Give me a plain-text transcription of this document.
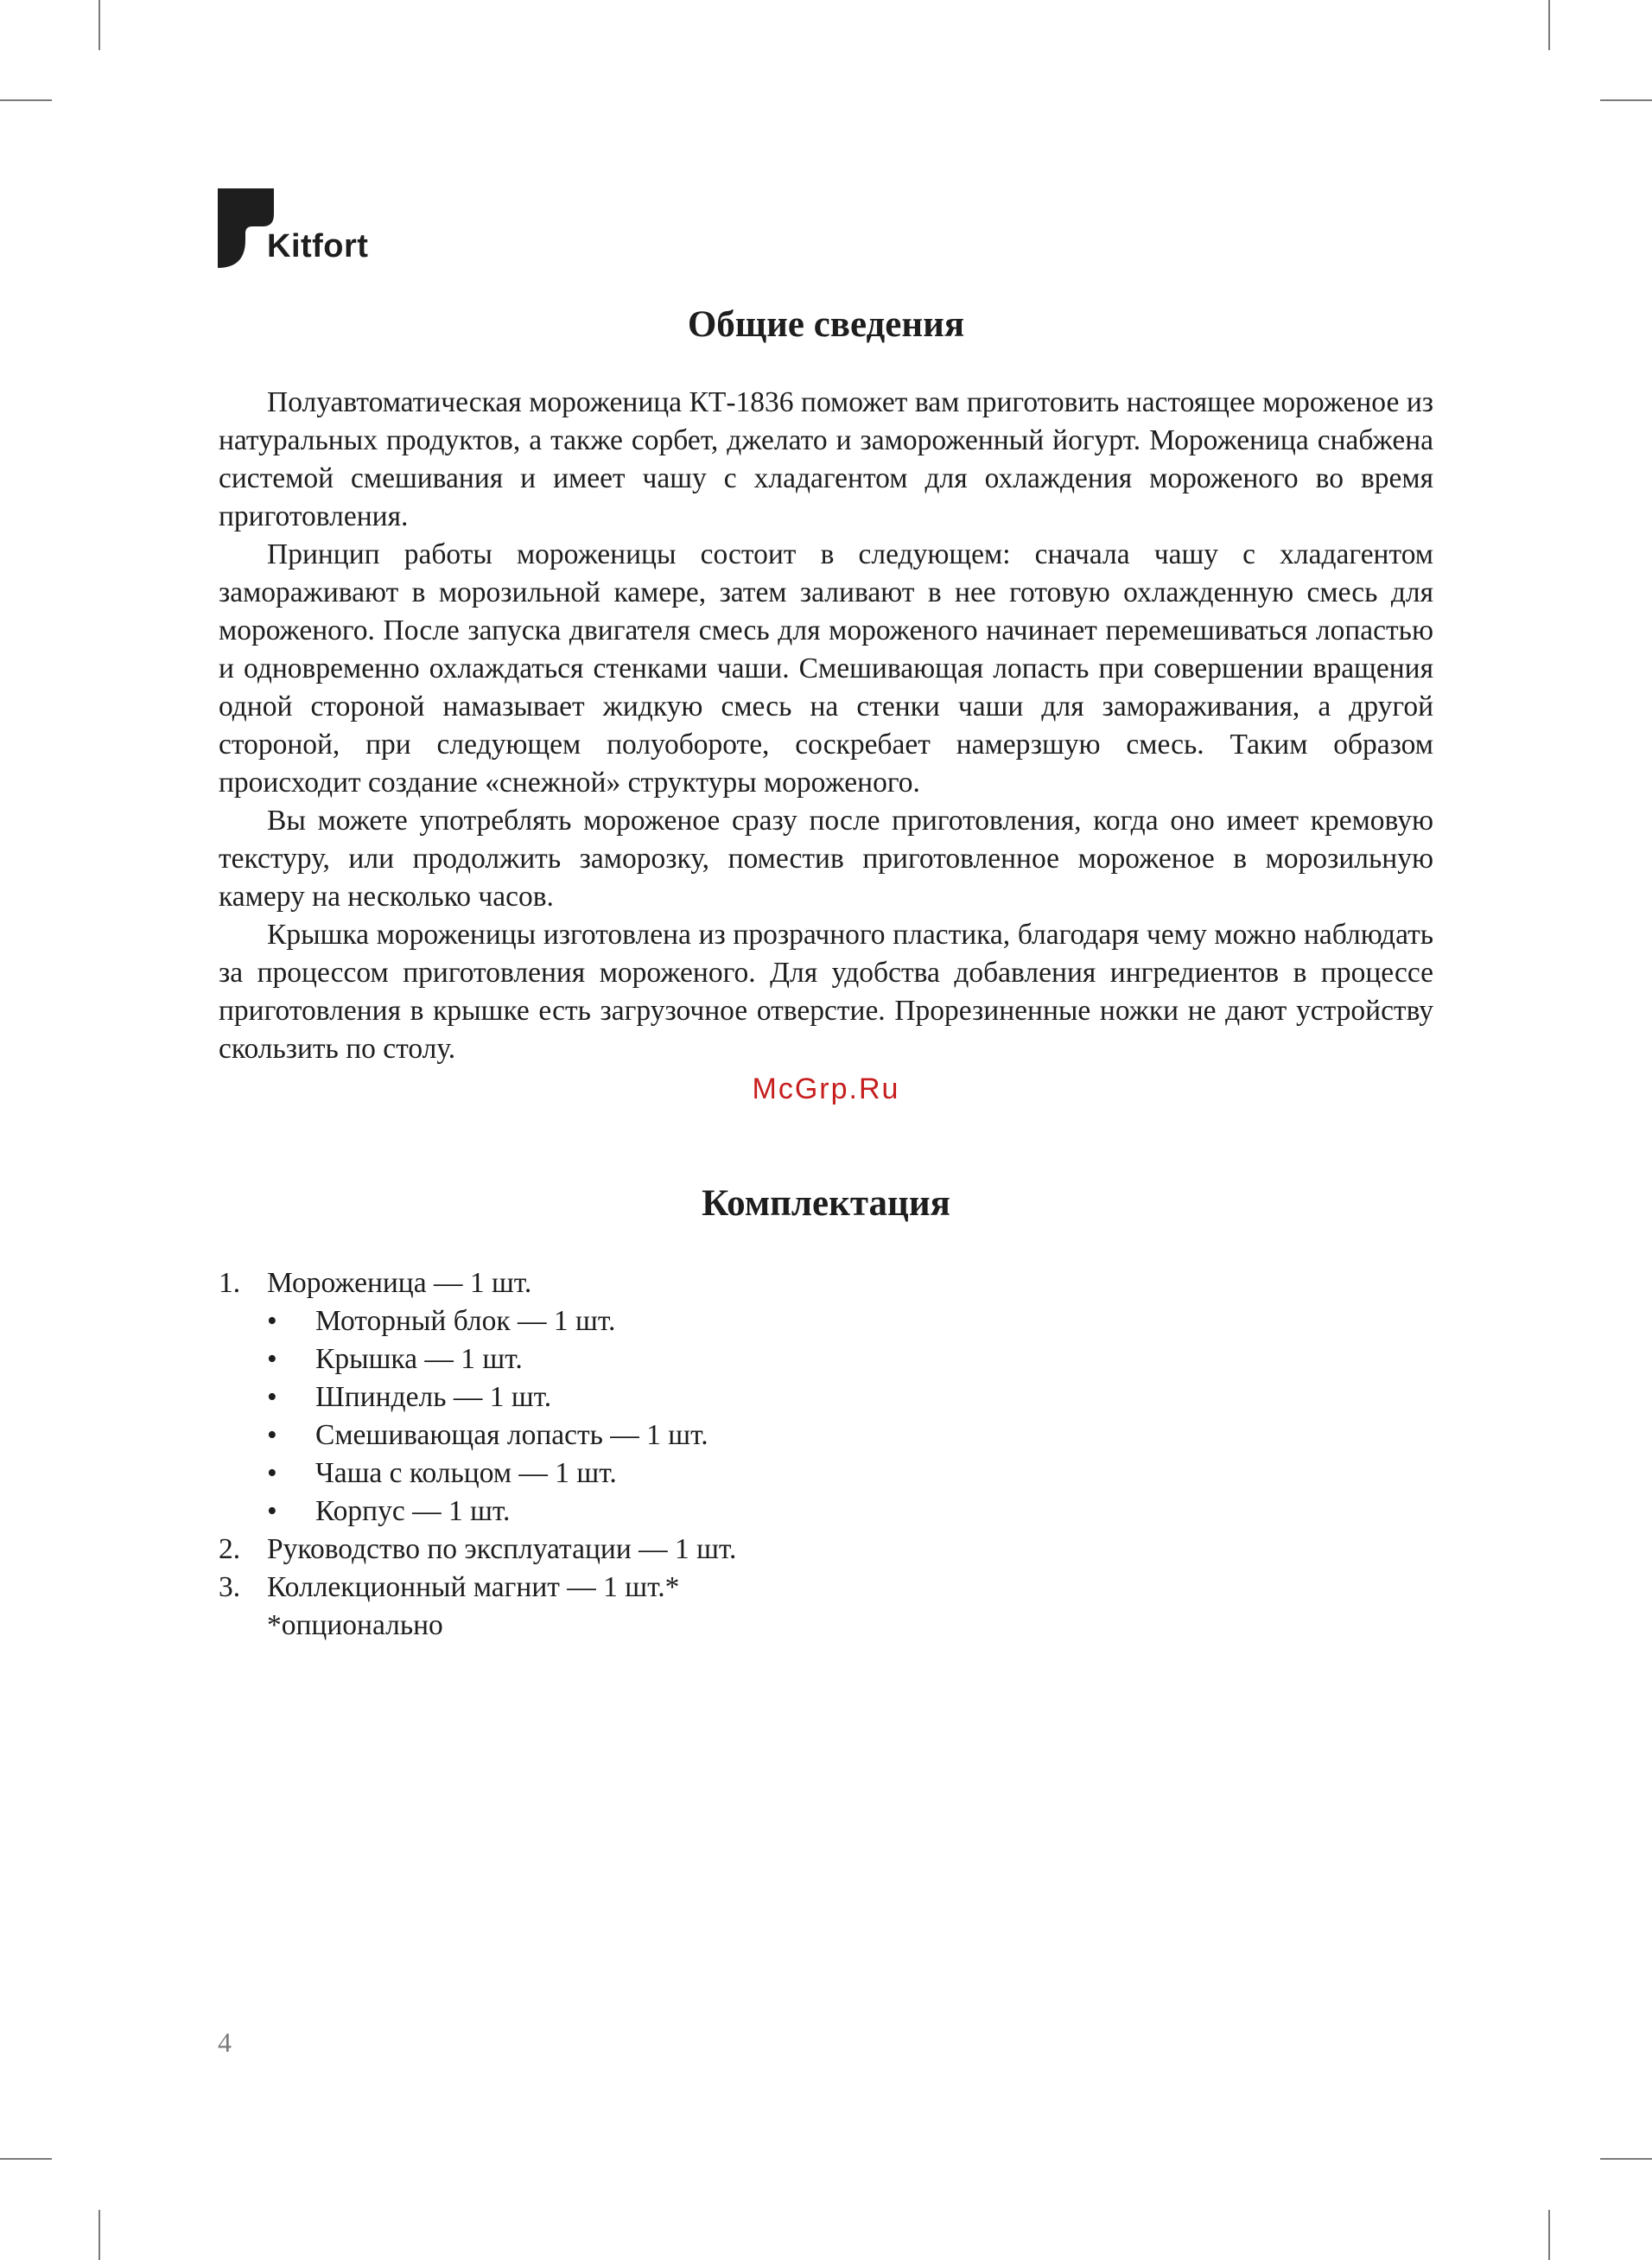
Kitfort
Общие сведения

Полуавтоматическая мороженица КТ-1836 поможет вам приготовить настоящее мороженое из натуральных продуктов, а также сорбет, джелато и замороженный йогурт. Мороженица снабжена системой смешивания и имеет чашу с хладагентом для охлаждения мороженого во время приготовления.

Принцип работы мороженицы состоит в следующем: сначала чашу с хладагентом замораживают в морозильной камере, затем заливают в нее готовую охлажденную смесь для мороженого. После запуска двигателя смесь для мороженого начинает перемешиваться лопастью и одновременно охлаждаться стенками чаши. Смешивающая лопасть при совершении вращения одной стороной намазывает жидкую смесь на стенки чаши для замораживания, а другой стороной, при следующем полуобороте, соскребает намерзшую смесь. Таким образом происходит создание «снежной» структуры мороженого.

Вы можете употреблять мороженое сразу после приготовления, когда оно имеет кремовую текстуру, или продолжить заморозку, поместив приготовленное мороженое в морозильную камеру на несколько часов.

Крышка мороженицы изготовлена из прозрачного пластика, благодаря чему можно наблюдать за процессом приготовления мороженого. Для удобства добавления ингредиентов в процессе приготовления в крышке есть загрузочное отверстие. Прорезиненные ножки не дают устройству скользить по столу.

McGrp.Ru
Комплектация
1. Мороженица — 1 шт.
• Моторный блок — 1 шт.
• Крышка — 1 шт.
• Шпиндель — 1 шт.
• Смешивающая лопасть — 1 шт.
• Чаша с кольцом — 1 шт.
• Корпус — 1 шт.
2. Руководство по эксплуатации — 1 шт.
3. Коллекционный магнит — 1 шт.*
*опционально
4
